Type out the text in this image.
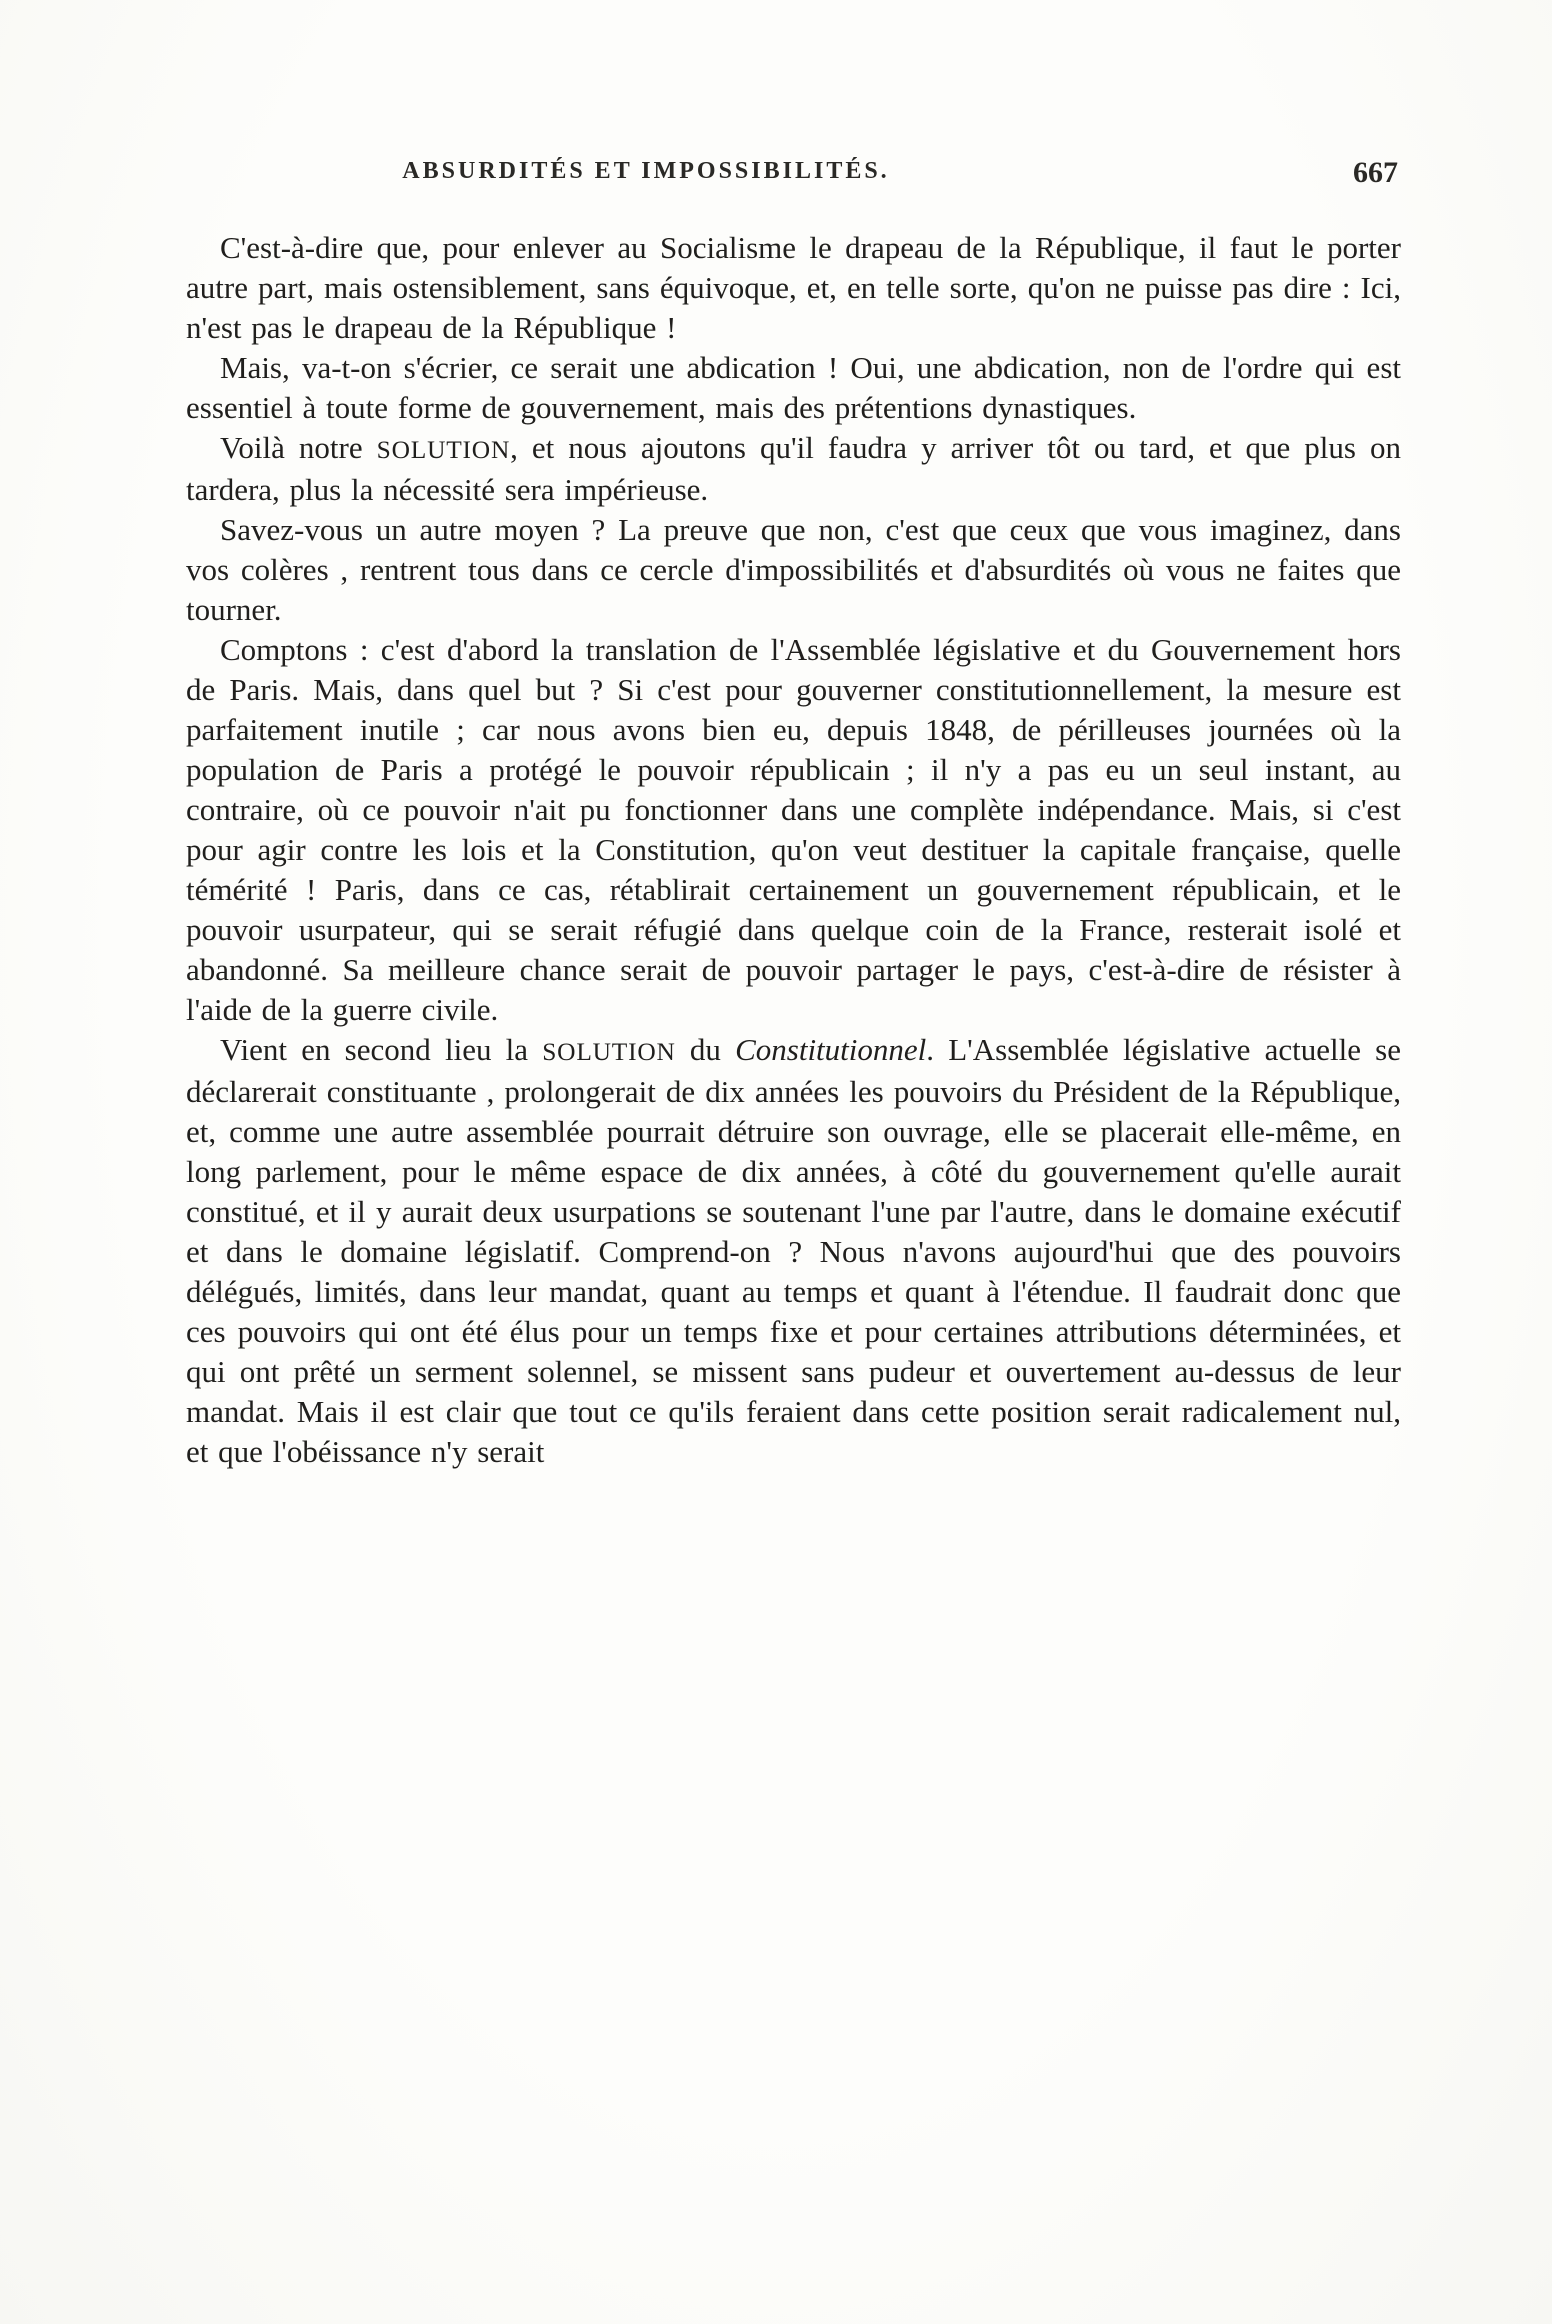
ABSURDITÉS ET IMPOSSIBILITÉS.	667

C'est-à-dire que, pour enlever au Socialisme le drapeau de la République, il faut le porter autre part, mais ostensiblement, sans équivoque, et, en telle sorte, qu'on ne puisse pas dire : Ici, n'est pas le drapeau de la République !

Mais, va-t-on s'écrier, ce serait une abdication ! Oui, une abdication, non de l'ordre qui est essentiel à toute forme de gouvernement, mais des prétentions dynastiques.

Voilà notre SOLUTION, et nous ajoutons qu'il faudra y arriver tôt ou tard, et que plus on tardera, plus la nécessité sera impérieuse.

Savez-vous un autre moyen ? La preuve que non, c'est que ceux que vous imaginez, dans vos colères , rentrent tous dans ce cercle d'impossibilités et d'absurdités où vous ne faites que tourner.

Comptons : c'est d'abord la translation de l'Assemblée législative et du Gouvernement hors de Paris. Mais, dans quel but ? Si c'est pour gouverner constitutionnellement, la mesure est parfaitement inutile ; car nous avons bien eu, depuis 1848, de périlleuses journées où la population de Paris a protégé le pouvoir républicain ; il n'y a pas eu un seul instant, au contraire, où ce pouvoir n'ait pu fonctionner dans une complète indépendance. Mais, si c'est pour agir contre les lois et la Constitution, qu'on veut destituer la capitale française, quelle témérité ! Paris, dans ce cas, rétablirait certainement un gouvernement républicain, et le pouvoir usurpateur, qui se serait réfugié dans quelque coin de la France, resterait isolé et abandonné. Sa meilleure chance serait de pouvoir partager le pays, c'est-à-dire de résister à l'aide de la guerre civile.

Vient en second lieu la SOLUTION du Constitutionnel. L'Assemblée législative actuelle se déclarerait constituante , prolongerait de dix années les pouvoirs du Président de la République, et, comme une autre assemblée pourrait détruire son ouvrage, elle se placerait elle-même, en long parlement, pour le même espace de dix années, à côté du gouvernement qu'elle aurait constitué, et il y aurait deux usurpations se soutenant l'une par l'autre, dans le domaine exécutif et dans le domaine législatif. Comprend-on ? Nous n'avons aujourd'hui que des pouvoirs délégués, limités, dans leur mandat, quant au temps et quant à l'étendue. Il faudrait donc que ces pouvoirs qui ont été élus pour un temps fixe et pour certaines attributions déterminées, et qui ont prêté un serment solennel, se missent sans pudeur et ouvertement au-dessus de leur mandat. Mais il est clair que tout ce qu'ils feraient dans cette position serait radicalement nul, et que l'obéissance n'y serait
